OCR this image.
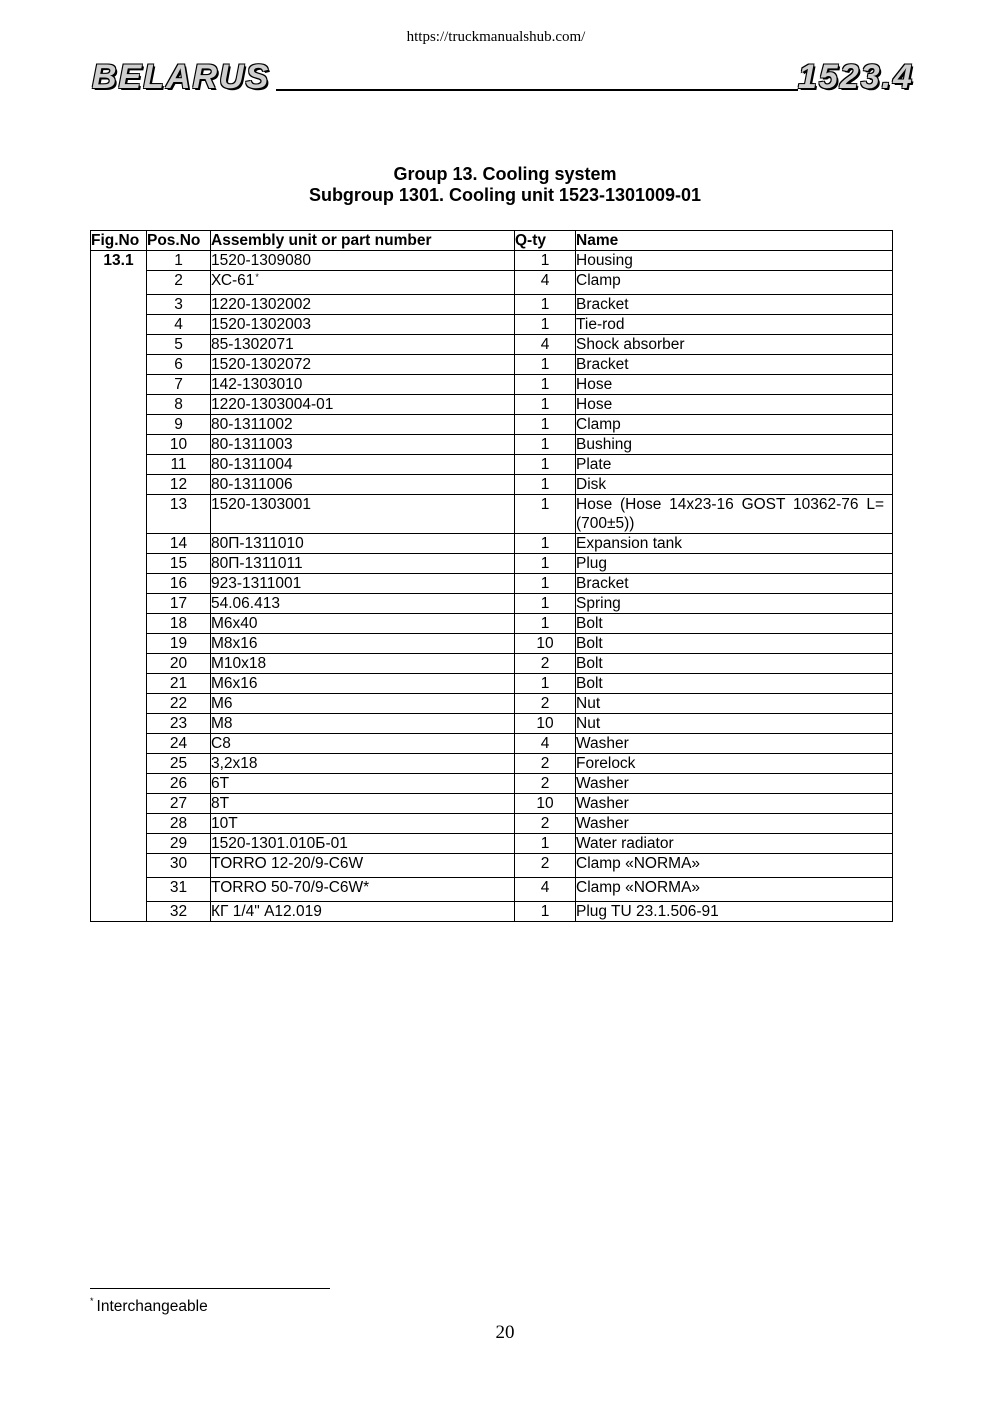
https://truckmanualshub.com/
BELARUS	1523.4
Group 13. Cooling system
Subgroup 1301. Cooling unit 1523-1301009-01
Fig.No	Pos.No	Assembly unit or part number	Q-ty	Name
13.1	1	1520-1309080	1	Housing
	2	ХС-61*	4	Clamp
	3	1220-1302002	1	Bracket
	4	1520-1302003	1	Tie-rod
	5	85-1302071	4	Shock absorber
	6	1520-1302072	1	Bracket
	7	142-1303010	1	Hose
	8	1220-1303004-01	1	Hose
	9	80-1311002	1	Clamp
	10	80-1311003	1	Bushing
	11	80-1311004	1	Plate
	12	80-1311006	1	Disk
	13	1520-1303001	1	Hose (Hose 14x23-16 GOST 10362-76 L= (700±5))
	14	80П-1311010	1	Expansion tank
	15	80П-1311011	1	Plug
	16	923-1311001	1	Bracket
	17	54.06.413	1	Spring
	18	М6х40	1	Bolt
	19	М8х16	10	Bolt
	20	М10х18	2	Bolt
	21	М6х16	1	Bolt
	22	М6	2	Nut
	23	М8	10	Nut
	24	С8	4	Washer
	25	3,2х18	2	Forelock
	26	6Т	2	Washer
	27	8Т	10	Washer
	28	10Т	2	Washer
	29	1520-1301.010Б-01	1	Water radiator
	30	TORRO 12-20/9-C6W	2	Clamp «NORMA»
	31	TORRO 50-70/9-C6W*	4	Clamp «NORMA»
	32	КГ 1/4" А12.019	1	Plug TU 23.1.506-91
* Interchangeable
20
